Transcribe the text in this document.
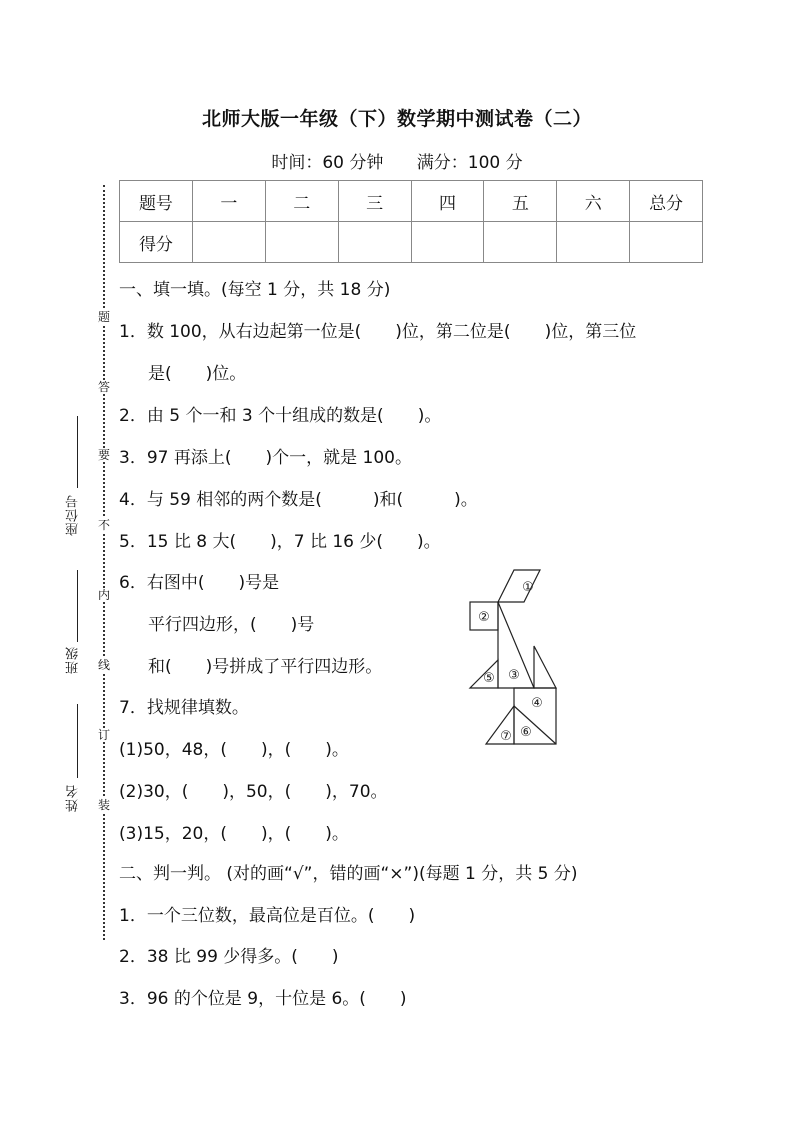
北师大版一年级（下）数学期中测试卷（二）
时间：60 分钟 满分：100 分
题
答
要
不
内
线
订
装
座位号
班级
姓名
题号	一	二	三	四	五	六	总分
得分							
一、填一填。(每空 1 分，共 18 分)
1．数 100，从右边起第一位是(　　)位，第二位是(　　)位，第三位
是(　　)位。
2．由 5 个一和 3 个十组成的数是(　　)。
3．97 再添上(　　)个一，就是 100。
4．与 59 相邻的两个数是(　　　)和(　　　)。
5．15 比 8 大(　　)，7 比 16 少(　　)。
6．右图中(　　)号是
平行四边形，(　　)号
和(　　)号拼成了平行四边形。
7．找规律填数。
(1)50，48，(　　)，(　　)。
(2)30，(　　)，50，(　　)，70。
(3)15，20，(　　)，(　　)。
①
②
③
④
⑤
⑥
⑦
二、判一判。 (对的画“√”，错的画“×”)(每题 1 分，共 5 分)
1．一个三位数，最高位是百位。(　　)
2．38 比 99 少得多。(　　)
3．96 的个位是 9，十位是 6。(　　)
